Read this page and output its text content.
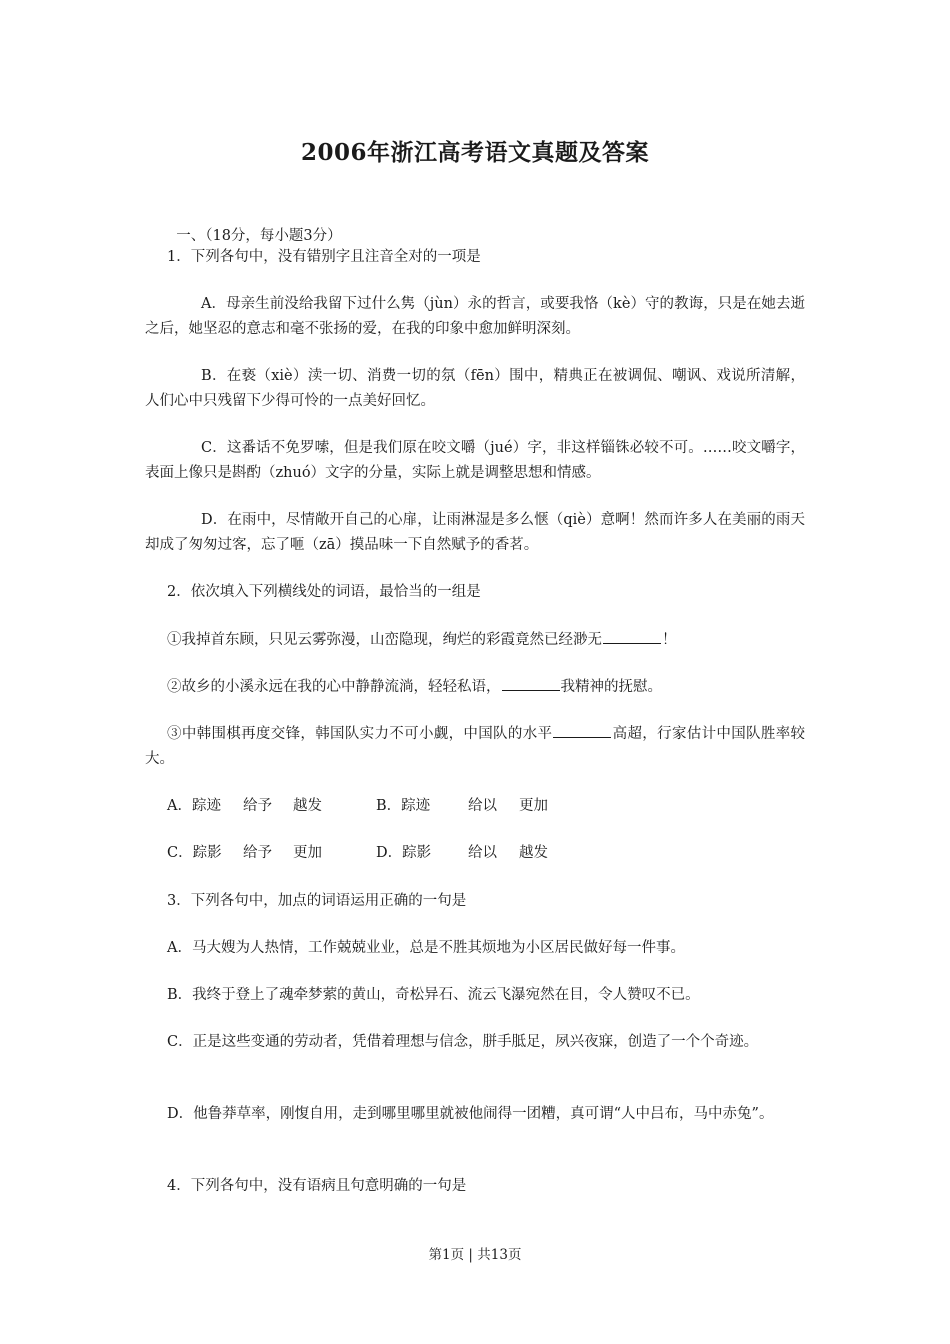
2006年浙江高考语文真题及答案

一、（18分，每小题3分）

1．下列各句中，没有错别字且注音全对的一项是
A．母亲生前没给我留下过什么隽（jùn）永的哲言，或要我恪（kè）守的教诲，只是在她去逝之后，她坚忍的意志和毫不张扬的爱，在我的印象中愈加鲜明深刻。
B．在亵（xiè）渎一切、消费一切的氛（fēn）围中，精典正在被调侃、嘲讽、戏说所清解，人们心中只残留下少得可怜的一点美好回忆。
C．这番话不免罗嗦，但是我们原在咬文嚼（jué）字，非这样锱铢必较不可。……咬文嚼字，表面上像只是斟酌（zhuó）文字的分量，实际上就是调整思想和情感。
D．在雨中，尽情敞开自己的心扉，让雨淋湿是多么惬（qiè）意啊！然而许多人在美丽的雨天却成了匆匆过客，忘了咂（zā）摸品味一下自然赋予的香茗。
2．依次填入下列横线处的词语，最恰当的一组是
①我掉首东顾，只见云雾弥漫，山峦隐现，绚烂的彩霞竟然已经渺无	！
②故乡的小溪永远在我的心中静静流淌，轻轻私语，	我精神的抚慰。
③中韩围棋再度交锋，韩国队实力不可小觑，中国队的水平	高超，行家估计中国队胜率较大。
A．踪迹 给予 越发	B．踪迹	给以 更加
C．踪影 给予 更加	D．踪影	给以 越发
3．下列各句中，加点的词语运用正确的一句是
A．马大嫂为人热情，工作兢兢业业，总是不胜其烦地为小区居民做好每一件事。
B．我终于登上了魂牵梦萦的黄山，奇松异石、流云飞瀑宛然在目，令人赞叹不已。
C．正是这些变通的劳动者，凭借着理想与信念，胼手胝足，夙兴夜寐，创造了一个个奇迹。
D．他鲁莽草率，刚愎自用，走到哪里哪里就被他闹得一团糟，真可谓“人中吕布，马中赤兔”。
4．下列各句中，没有语病且句意明确的一句是
第1页 | 共13页
